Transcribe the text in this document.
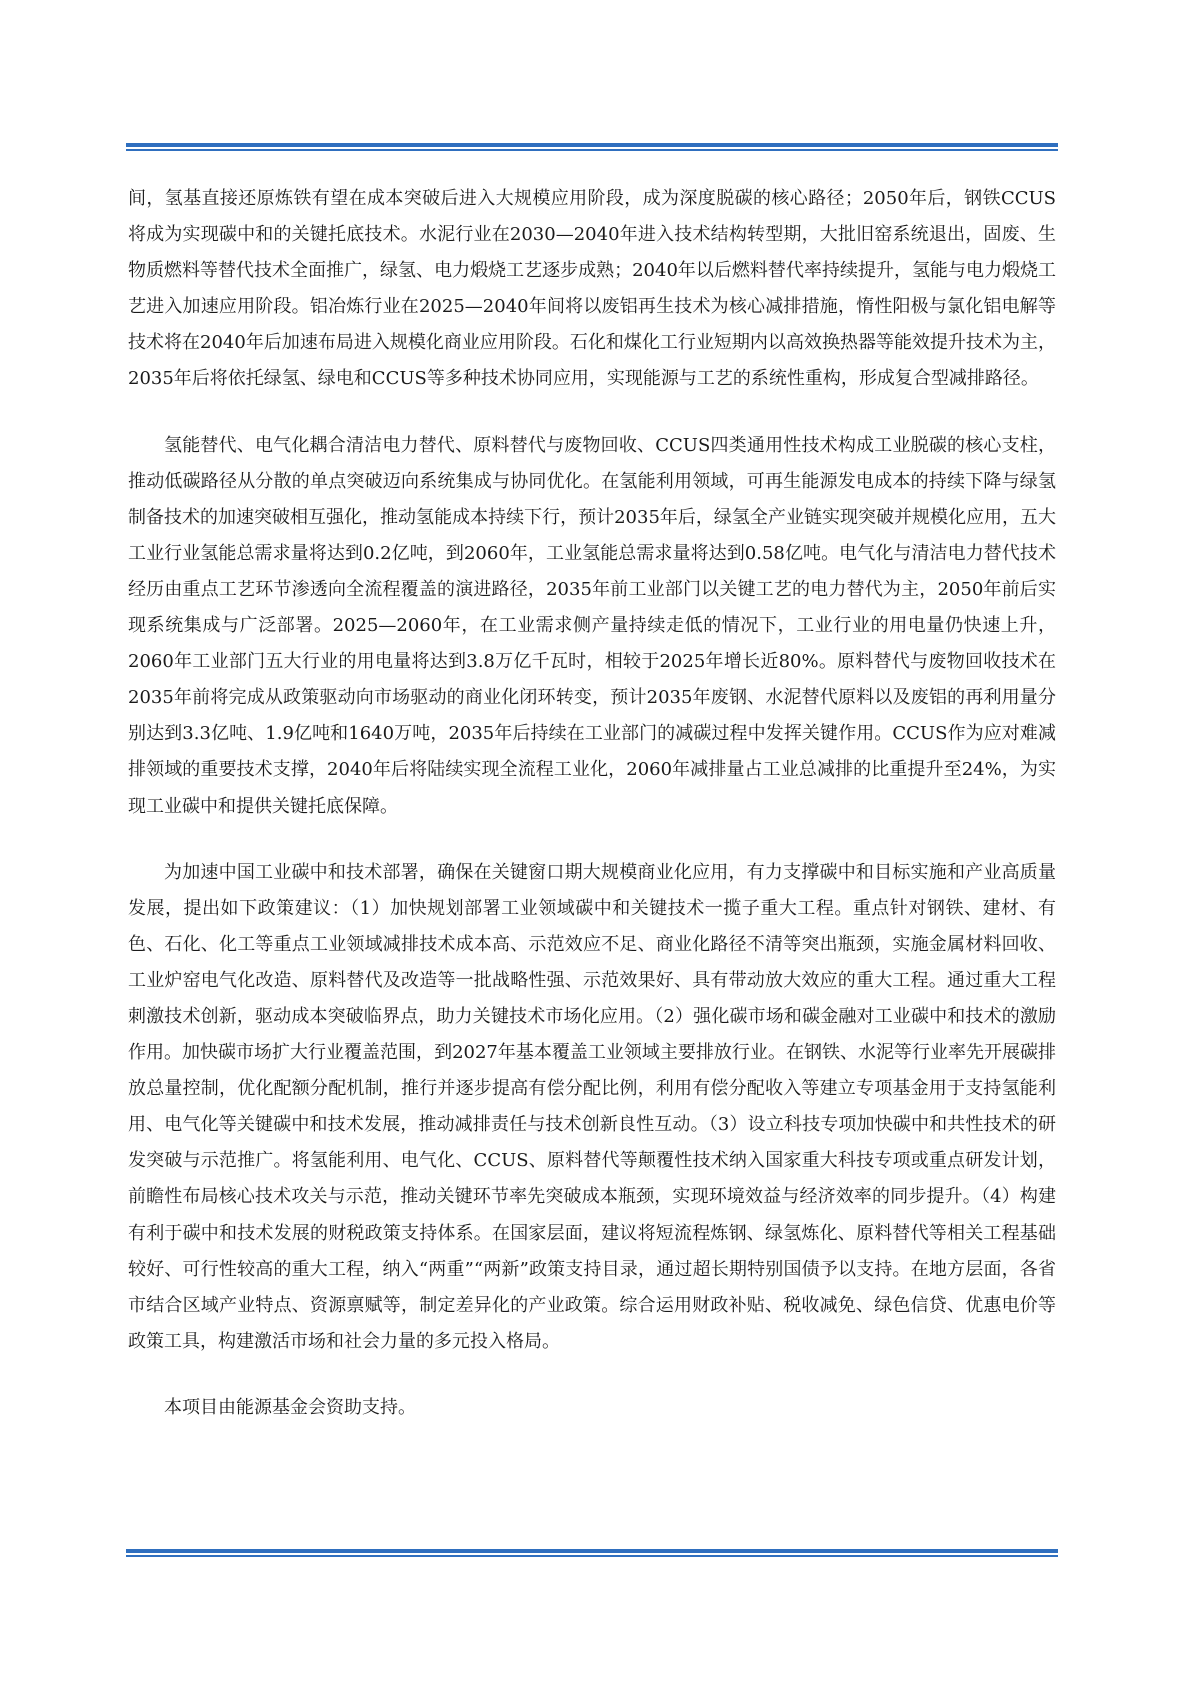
间，氢基直接还原炼铁有望在成本突破后进入大规模应用阶段，成为深度脱碳的核心路径；2050年后，钢铁CCUS将成为实现碳中和的关键托底技术。水泥行业在2030—2040年进入技术结构转型期，大批旧窑系统退出，固废、生物质燃料等替代技术全面推广，绿氢、电力煅烧工艺逐步成熟；2040年以后燃料替代率持续提升，氢能与电力煅烧工艺进入加速应用阶段。铝冶炼行业在2025—2040年间将以废铝再生技术为核心减排措施，惰性阳极与氯化铝电解等技术将在2040年后加速布局进入规模化商业应用阶段。石化和煤化工行业短期内以高效换热器等能效提升技术为主，2035年后将依托绿氢、绿电和CCUS等多种技术协同应用，实现能源与工艺的系统性重构，形成复合型减排路径。

氢能替代、电气化耦合清洁电力替代、原料替代与废物回收、CCUS四类通用性技术构成工业脱碳的核心支柱，推动低碳路径从分散的单点突破迈向系统集成与协同优化。在氢能利用领域，可再生能源发电成本的持续下降与绿氢制备技术的加速突破相互强化，推动氢能成本持续下行，预计2035年后，绿氢全产业链实现突破并规模化应用，五大工业行业氢能总需求量将达到0.2亿吨，到2060年，工业氢能总需求量将达到0.58亿吨。电气化与清洁电力替代技术经历由重点工艺环节渗透向全流程覆盖的演进路径，2035年前工业部门以关键工艺的电力替代为主，2050年前后实现系统集成与广泛部署。2025—2060年，在工业需求侧产量持续走低的情况下，工业行业的用电量仍快速上升，2060年工业部门五大行业的用电量将达到3.8万亿千瓦时，相较于2025年增长近80%。原料替代与废物回收技术在2035年前将完成从政策驱动向市场驱动的商业化闭环转变，预计2035年废钢、水泥替代原料以及废铝的再利用量分别达到3.3亿吨、1.9亿吨和1640万吨，2035年后持续在工业部门的减碳过程中发挥关键作用。CCUS作为应对难减排领域的重要技术支撑，2040年后将陆续实现全流程工业化，2060年减排量占工业总减排的比重提升至24%，为实现工业碳中和提供关键托底保障。

为加速中国工业碳中和技术部署，确保在关键窗口期大规模商业化应用，有力支撑碳中和目标实施和产业高质量发展，提出如下政策建议：（1）加快规划部署工业领域碳中和关键技术一揽子重大工程。重点针对钢铁、建材、有色、石化、化工等重点工业领域减排技术成本高、示范效应不足、商业化路径不清等突出瓶颈，实施金属材料回收、工业炉窑电气化改造、原料替代及改造等一批战略性强、示范效果好、具有带动放大效应的重大工程。通过重大工程刺激技术创新，驱动成本突破临界点，助力关键技术市场化应用。（2）强化碳市场和碳金融对工业碳中和技术的激励作用。加快碳市场扩大行业覆盖范围，到2027年基本覆盖工业领域主要排放行业。在钢铁、水泥等行业率先开展碳排放总量控制，优化配额分配机制，推行并逐步提高有偿分配比例，利用有偿分配收入等建立专项基金用于支持氢能利用、电气化等关键碳中和技术发展，推动减排责任与技术创新良性互动。（3）设立科技专项加快碳中和共性技术的研发突破与示范推广。将氢能利用、电气化、CCUS、原料替代等颠覆性技术纳入国家重大科技专项或重点研发计划，前瞻性布局核心技术攻关与示范，推动关键环节率先突破成本瓶颈，实现环境效益与经济效率的同步提升。（4）构建有利于碳中和技术发展的财税政策支持体系。在国家层面，建议将短流程炼钢、绿氢炼化、原料替代等相关工程基础较好、可行性较高的重大工程，纳入“两重”“两新”政策支持目录，通过超长期特别国债予以支持。在地方层面，各省市结合区域产业特点、资源禀赋等，制定差异化的产业政策。综合运用财政补贴、税收减免、绿色信贷、优惠电价等政策工具，构建激活市场和社会力量的多元投入格局。

本项目由能源基金会资助支持。
